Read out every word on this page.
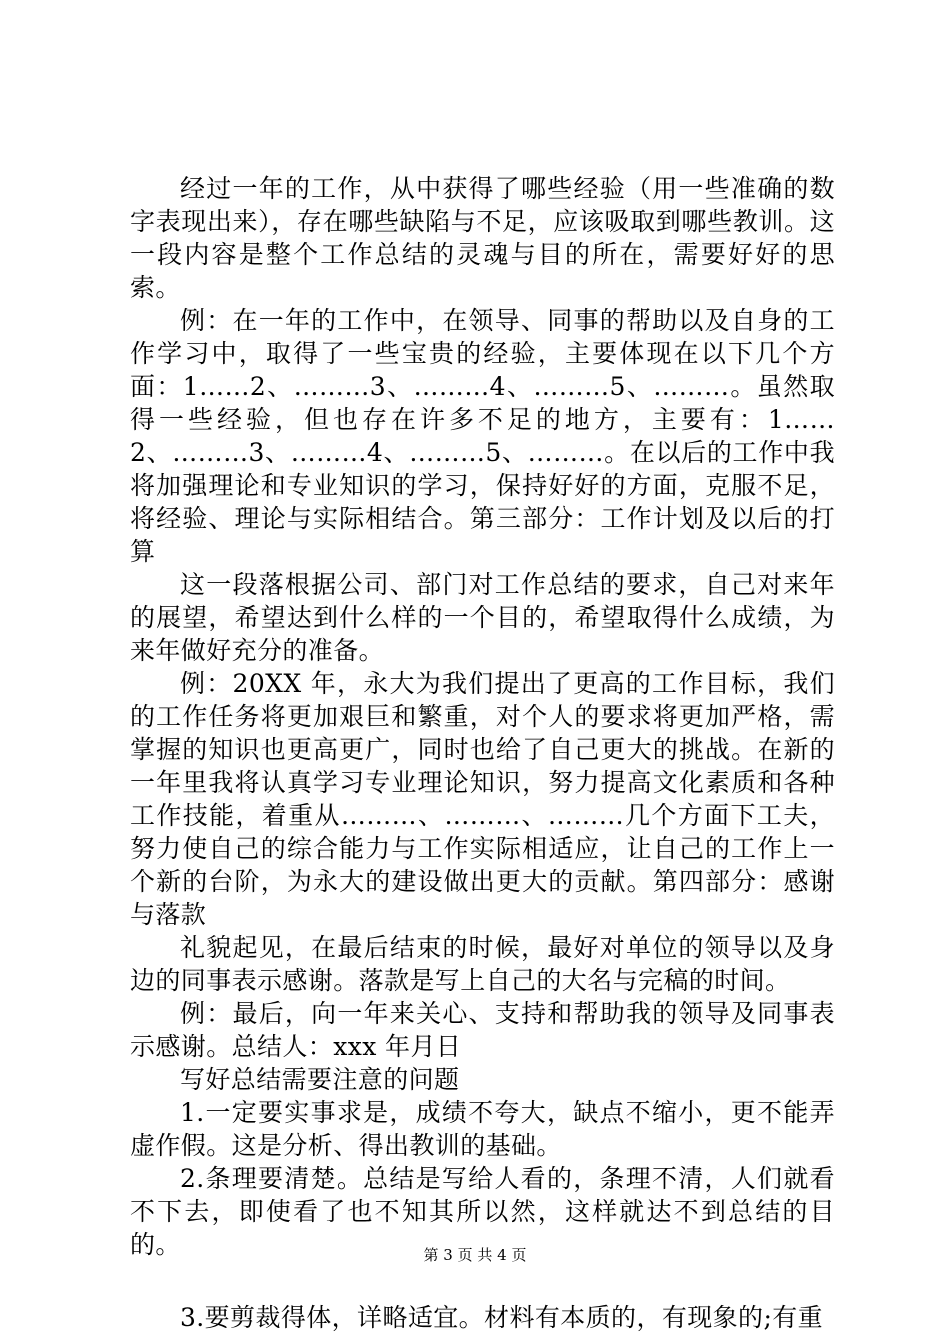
经过一年的工作，从中获得了哪些经验（用一些准确的数字表现出来），存在哪些缺陷与不足，应该吸取到哪些教训。这一段内容是整个工作总结的灵魂与目的所在，需要好好的思索。

例：在一年的工作中，在领导、同事的帮助以及自身的工作学习中，取得了一些宝贵的经验，主要体现在以下几个方面：1……2、………3、………4、………5、………。虽然取得一些经验，但也存在许多不足的地方，主要有：1……2、………3、………4、………5、………。在以后的工作中我将加强理论和专业知识的学习，保持好好的方面，克服不足，将经验、理论与实际相结合。第三部分：工作计划及以后的打算

这一段落根据公司、部门对工作总结的要求，自己对来年的展望，希望达到什么样的一个目的，希望取得什么成绩，为来年做好充分的准备。

例：20XX 年，永大为我们提出了更高的工作目标，我们的工作任务将更加艰巨和繁重，对个人的要求将更加严格，需掌握的知识也更高更广，同时也给了自己更大的挑战。在新的一年里我将认真学习专业理论知识，努力提高文化素质和各种工作技能，着重从………、………、………几个方面下工夫，努力使自己的综合能力与工作实际相适应，让自己的工作上一个新的台阶，为永大的建设做出更大的贡献。第四部分：感谢与落款

礼貌起见，在最后结束的时候，最好对单位的领导以及身边的同事表示感谢。落款是写上自己的大名与完稿的时间。

例：最后，向一年来关心、支持和帮助我的领导及同事表示感谢。总结人：xxx 年月日

写好总结需要注意的问题

1.一定要实事求是，成绩不夸大，缺点不缩小，更不能弄虚作假。这是分析、得出教训的基础。

2.条理要清楚。总结是写给人看的，条理不清，人们就看不下去，即使看了也不知其所以然，这样就达不到总结的目的。

3.要剪裁得体，详略适宜。材料有本质的，有现象的;有重

第 3 页 共 4 页
